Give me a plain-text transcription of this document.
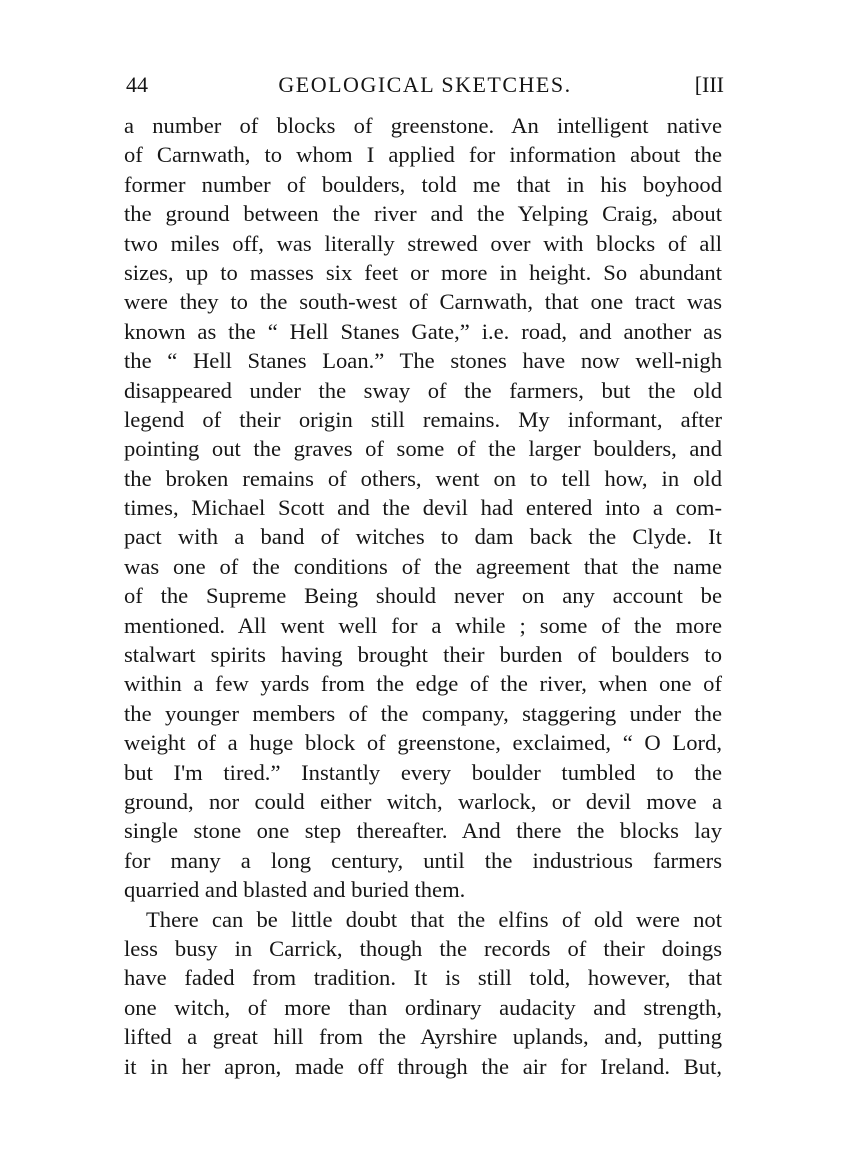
44	GEOLOGICAL SKETCHES.	[III
a number of blocks of greenstone. An intelligent native
of Carnwath, to whom I applied for information about the
former number of boulders, told me that in his boyhood
the ground between the river and the Yelping Craig, about
two miles off, was literally strewed over with blocks of all
sizes, up to masses six feet or more in height. So abundant
were they to the south-west of Carnwath, that one tract was
known as the “ Hell Stanes Gate,” i.e. road, and another as
the “ Hell Stanes Loan.” The stones have now well-nigh
disappeared under the sway of the farmers, but the old
legend of their origin still remains. My informant, after
pointing out the graves of some of the larger boulders, and
the broken remains of others, went on to tell how, in old
times, Michael Scott and the devil had entered into a com-
pact with a band of witches to dam back the Clyde. It
was one of the conditions of the agreement that the name
of the Supreme Being should never on any account be
mentioned. All went well for a while ; some of the more
stalwart spirits having brought their burden of boulders to
within a few yards from the edge of the river, when one of
the younger members of the company, staggering under the
weight of a huge block of greenstone, exclaimed, “ O Lord,
but I'm tired.” Instantly every boulder tumbled to the
ground, nor could either witch, warlock, or devil move a
single stone one step thereafter. And there the blocks lay
for many a long century, until the industrious farmers
quarried and blasted and buried them.
There can be little doubt that the elfins of old were not
less busy in Carrick, though the records of their doings
have faded from tradition. It is still told, however, that
one witch, of more than ordinary audacity and strength,
lifted a great hill from the Ayrshire uplands, and, putting
it in her apron, made off through the air for Ireland. But,
